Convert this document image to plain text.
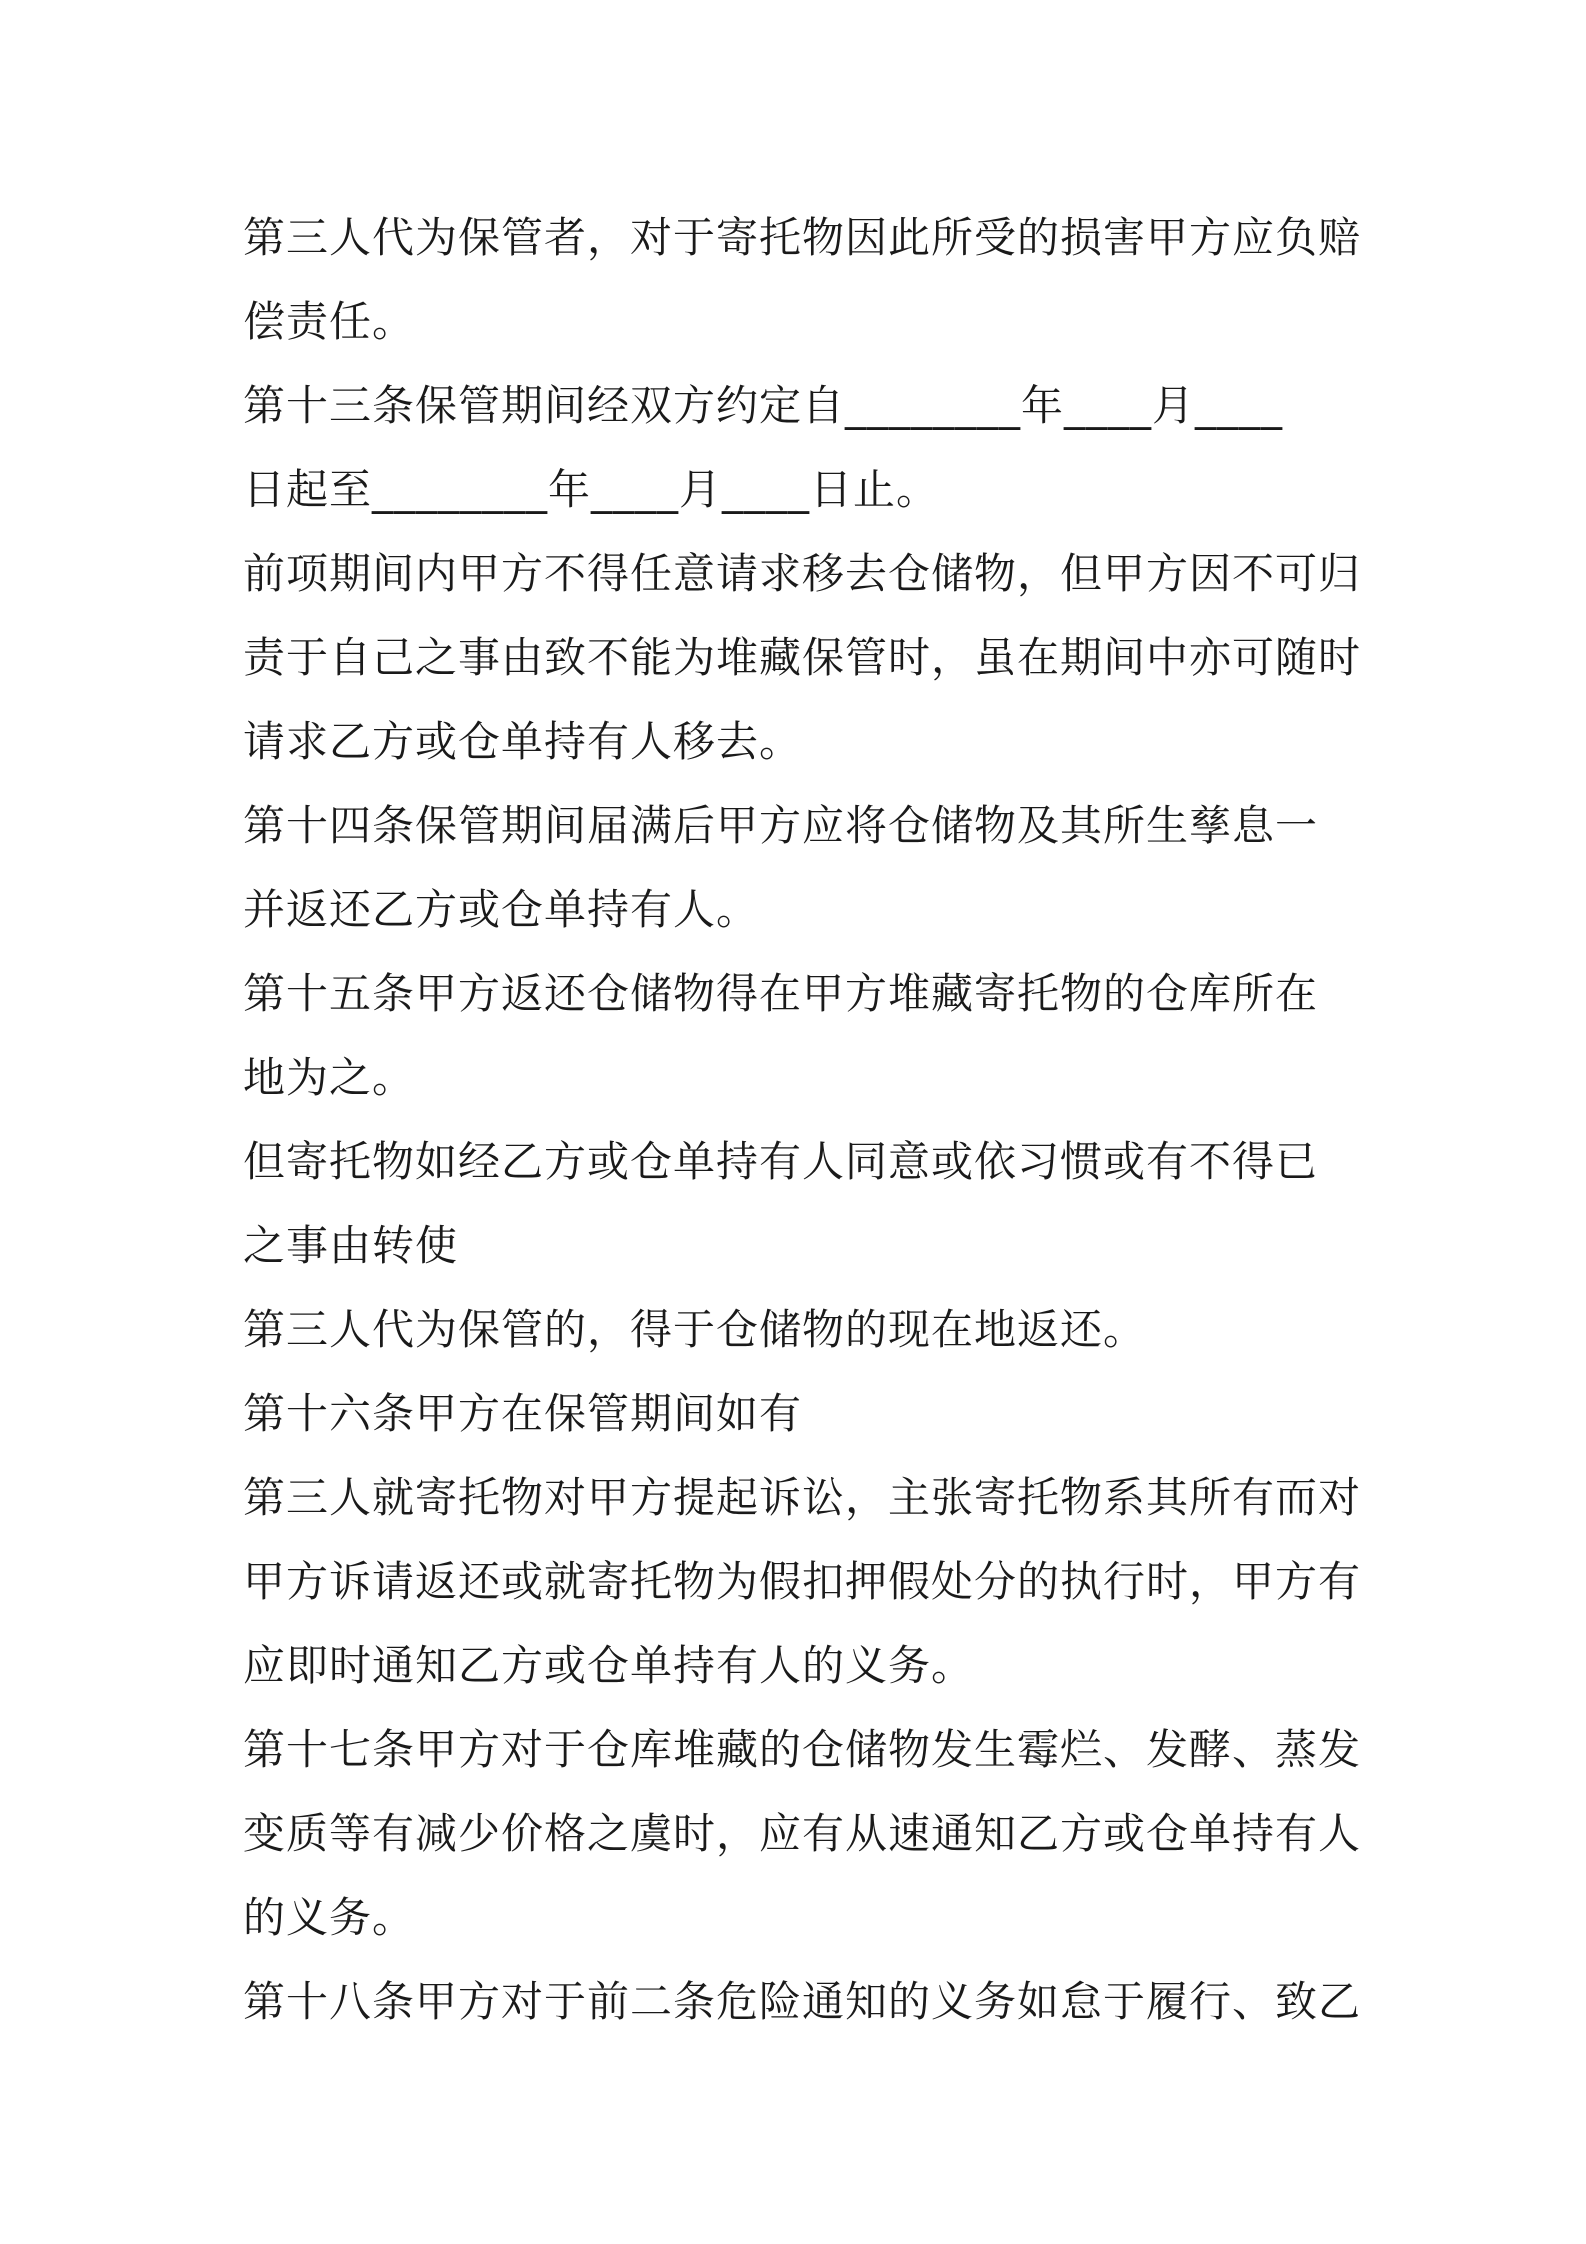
第三人代为保管者，对于寄托物因此所受的损害甲方应负赔
偿责任。
第十三条保管期间经双方约定自________年____月____
日起至________年____月____日止。
前项期间内甲方不得任意请求移去仓储物，但甲方因不可归
责于自己之事由致不能为堆藏保管时，虽在期间中亦可随时
请求乙方或仓单持有人移去。
第十四条保管期间届满后甲方应将仓储物及其所生孳息一
并返还乙方或仓单持有人。
第十五条甲方返还仓储物得在甲方堆藏寄托物的仓库所在
地为之。
但寄托物如经乙方或仓单持有人同意或依习惯或有不得已
之事由转使
第三人代为保管的，得于仓储物的现在地返还。
第十六条甲方在保管期间如有
第三人就寄托物对甲方提起诉讼，主张寄托物系其所有而对
甲方诉请返还或就寄托物为假扣押假处分的执行时，甲方有
应即时通知乙方或仓单持有人的义务。
第十七条甲方对于仓库堆藏的仓储物发生霉烂、发酵、蒸发
变质等有减少价格之虞时，应有从速通知乙方或仓单持有人
的义务。
第十八条甲方对于前二条危险通知的义务如怠于履行、致乙
